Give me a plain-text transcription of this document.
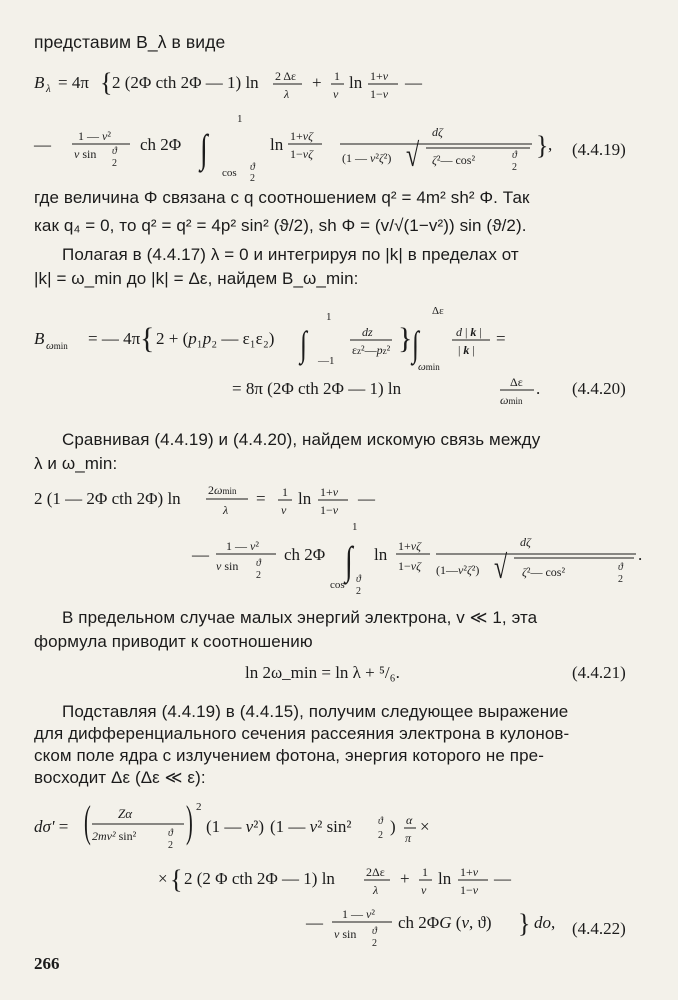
представим B_λ в виде
B λ = 4π { 2 (2Φ cth 2Φ — 1) ln 2 Δε
λ
+ 1
v
ln 1+v
1−v
—
— 1 — v²
v sin ϑ
2
ch 2Φ ∫
1
cos ϑ
2
ln 1+vζ
1−vζ
dζ
(1 — v²ζ²) √ ζ²— cos²	ϑ
2
} , (4.4.19)
где величина Φ связана с q соотношением q² = 4m² sh² Φ. Так
как q₄ = 0, то q² = q² = 4p² sin² (ϑ/2), sh Φ = (v/√(1−v²)) sin (ϑ/2).
Полагая в (4.4.17) λ = 0 и интегрируя по |k| в пределах от
|k| = ω_min до |k| = Δε, найдем B_ω_min:
B ωmin = — 4π { 2 + (p₁p₂ — ε₁ε₂) ∫
1
—1
dz
εz²—pz² } ∫
Δε
ωmin
d | k |
| k |
=
= 8π (2Φ cth 2Φ — 1) ln	Δε
ωmin
. (4.4.20)
Сравнивая (4.4.19) и (4.4.20), найдем искомую связь между
λ и ω_min:
2 (1 — 2Φ cth 2Φ) ln 2ωmin
λ
= 1
v
ln 1+v
1−v
—
— 1 — v²
v sin ϑ
2
ch 2Φ ∫
1
cos ϑ
2
ln 1+vζ
1−vζ
dζ
(1—v²ζ²) √ ζ²— cos²	ϑ
2
.
В предельном случае малых энергий электрона, v ≪ 1, эта
формула приводит к соотношению
ln 2ω_min = ln λ + ⁵/₆.	(4.4.21)
Подставляя (4.4.19) в (4.4.15), получим следующее выражение
для дифференциального сечения рассеяния электрона в кулонов-
ском поле ядра с излучением фотона, энергия которого не пре-
восходит Δε (Δε ≪ ε):
dσ' = ( Zα
2mv² sin²	ϑ
2 ) 2
(1 — v²) (1 — v² sin²	ϑ
2 ) α
π
×
× { 2 (2 Φ cth 2Φ — 1) ln	2Δε
λ
+ 1
v
ln 1+v
1−v
—
— 1 — v²
v sin ϑ
2
ch 2ΦG (v, ϑ) } do, (4.4.22)
266
